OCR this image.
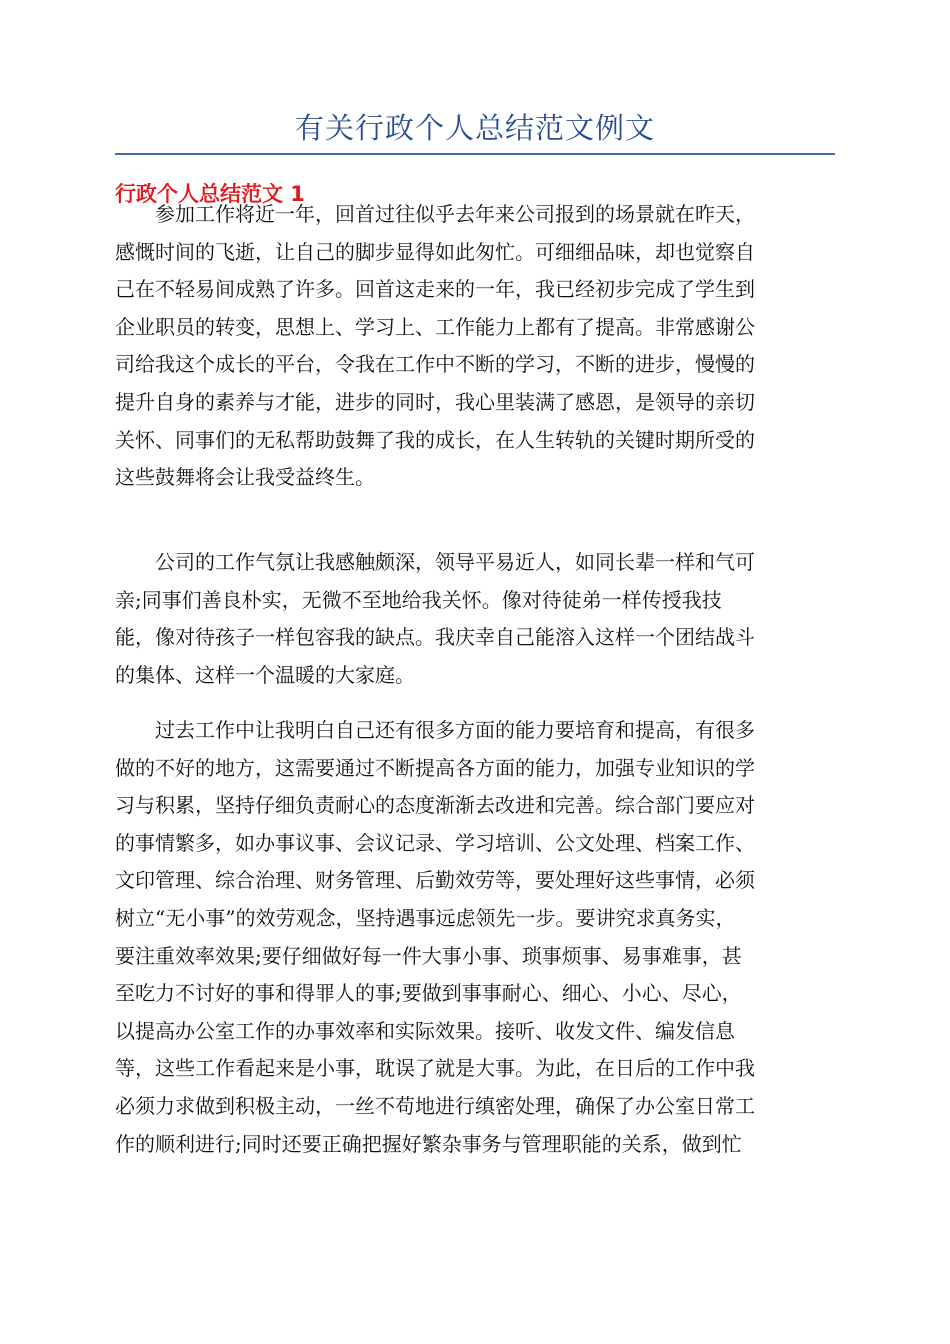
有关行政个人总结范文例文
行政个人总结范文 1
　　参加工作将近一年，回首过往似乎去年来公司报到的场景就在昨天，
感慨时间的飞逝，让自己的脚步显得如此匆忙。可细细品味，却也觉察自
己在不轻易间成熟了许多。回首这走来的一年，我已经初步完成了学生到
企业职员的转变，思想上、学习上、工作能力上都有了提高。非常感谢公
司给我这个成长的平台，令我在工作中不断的学习，不断的进步，慢慢的
提升自身的素养与才能，进步的同时，我心里装满了感恩，是领导的亲切
关怀、同事们的无私帮助鼓舞了我的成长，在人生转轨的关键时期所受的
这些鼓舞将会让我受益终生。
　　公司的工作气氛让我感触颇深，领导平易近人，如同长辈一样和气可
亲;同事们善良朴实，无微不至地给我关怀。像对待徒弟一样传授我技
能，像对待孩子一样包容我的缺点。我庆幸自己能溶入这样一个团结战斗
的集体、这样一个温暖的大家庭。
　　过去工作中让我明白自己还有很多方面的能力要培育和提高，有很多
做的不好的地方，这需要通过不断提高各方面的能力，加强专业知识的学
习与积累，坚持仔细负责耐心的态度渐渐去改进和完善。综合部门要应对
的事情繁多，如办事议事、会议记录、学习培训、公文处理、档案工作、
文印管理、综合治理、财务管理、后勤效劳等，要处理好这些事情，必须
树立“无小事”的效劳观念，坚持遇事远虑领先一步。要讲究求真务实，
要注重效率效果;要仔细做好每一件大事小事、琐事烦事、易事难事，甚
至吃力不讨好的事和得罪人的事;要做到事事耐心、细心、小心、尽心，
以提高办公室工作的办事效率和实际效果。接听、收发文件、编发信息
等，这些工作看起来是小事，耽误了就是大事。为此，在日后的工作中我
必须力求做到积极主动，一丝不苟地进行缜密处理，确保了办公室日常工
作的顺利进行;同时还要正确把握好繁杂事务与管理职能的关系，做到忙
